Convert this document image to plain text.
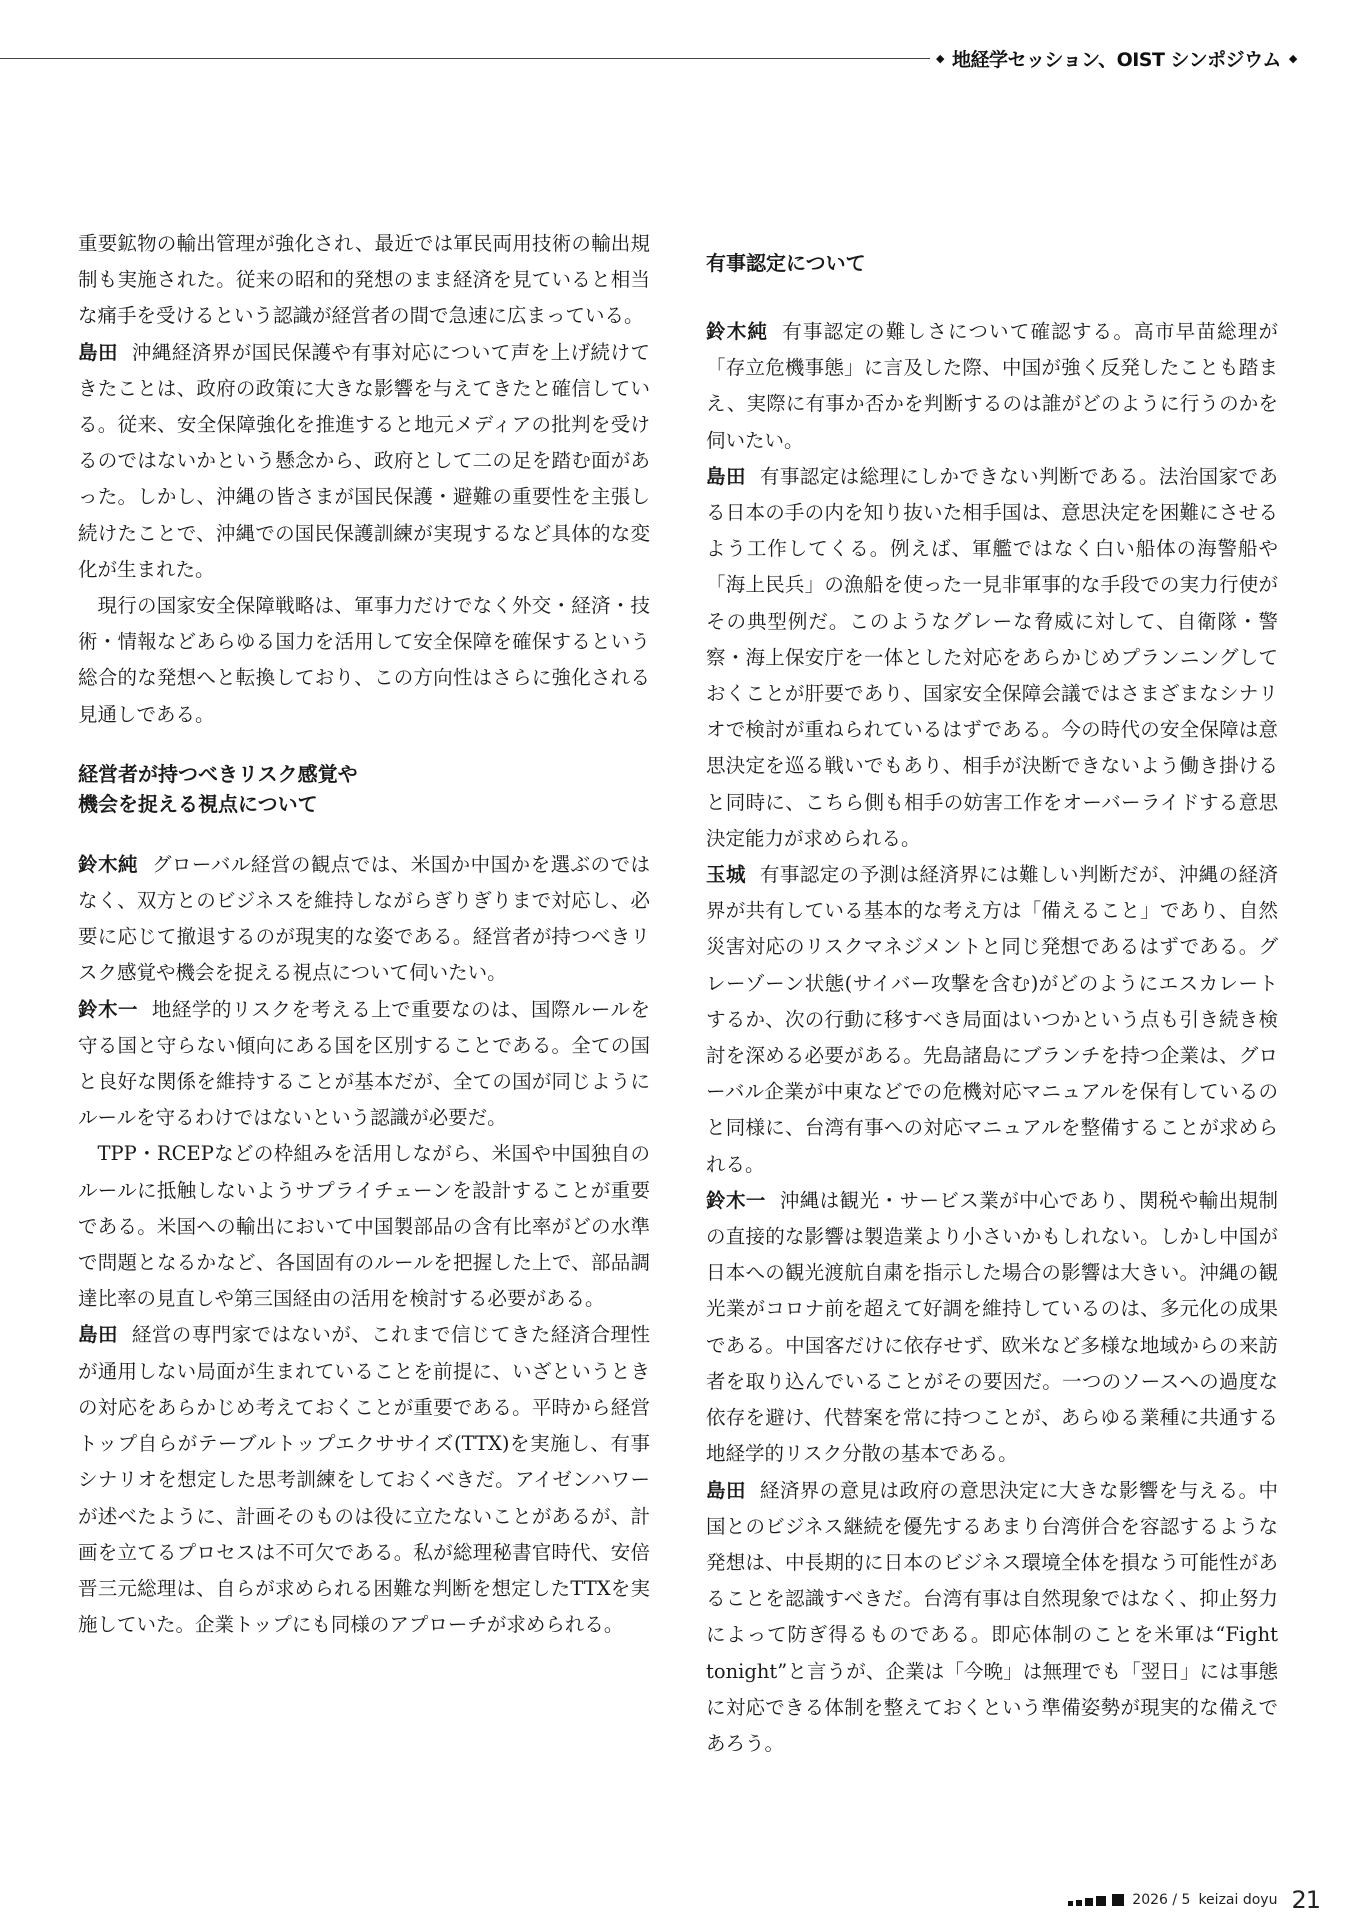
◆ 地経学セッション、OIST シンポジウム ◆

重要鉱物の輸出管理が強化され、最近では軍民両用技術の輸出規制も実施された。従来の昭和的発想のまま経済を見ていると相当な痛手を受けるという認識が経営者の間で急速に広まっている。

島田 沖縄経済界が国民保護や有事対応について声を上げ続けてきたことは、政府の政策に大きな影響を与えてきたと確信している。従来、安全保障強化を推進すると地元メディアの批判を受けるのではないかという懸念から、政府として二の足を踏む面があった。しかし、沖縄の皆さまが国民保護・避難の重要性を主張し続けたことで、沖縄での国民保護訓練が実現するなど具体的な変化が生まれた。

現行の国家安全保障戦略は、軍事力だけでなく外交・経済・技術・情報などあらゆる国力を活用して安全保障を確保するという総合的な発想へと転換しており、この方向性はさらに強化される見通しである。

経営者が持つべきリスク感覚や
機会を捉える視点について

鈴木純 グローバル経営の観点では、米国か中国かを選ぶのではなく、双方とのビジネスを維持しながらぎりぎりまで対応し、必要に応じて撤退するのが現実的な姿である。経営者が持つべきリスク感覚や機会を捉える視点について伺いたい。

鈴木一 地経学的リスクを考える上で重要なのは、国際ルールを守る国と守らない傾向にある国を区別することである。全ての国と良好な関係を維持することが基本だが、全ての国が同じようにルールを守るわけではないという認識が必要だ。

TPP・RCEPなどの枠組みを活用しながら、米国や中国独自のルールに抵触しないようサプライチェーンを設計することが重要である。米国への輸出において中国製部品の含有比率がどの水準で問題となるかなど、各国固有のルールを把握した上で、部品調達比率の見直しや第三国経由の活用を検討する必要がある。

島田 経営の専門家ではないが、これまで信じてきた経済合理性が通用しない局面が生まれていることを前提に、いざというときの対応をあらかじめ考えておくことが重要である。平時から経営トップ自らがテーブルトップエクササイズ(TTX)を実施し、有事シナリオを想定した思考訓練をしておくべきだ。アイゼンハワーが述べたように、計画そのものは役に立たないことがあるが、計画を立てるプロセスは不可欠である。私が総理秘書官時代、安倍晋三元総理は、自らが求められる困難な判断を想定したTTXを実施していた。企業トップにも同様のアプローチが求められる。

有事認定について

鈴木純 有事認定の難しさについて確認する。高市早苗総理が「存立危機事態」に言及した際、中国が強く反発したことも踏まえ、実際に有事か否かを判断するのは誰がどのように行うのかを伺いたい。

島田 有事認定は総理にしかできない判断である。法治国家である日本の手の内を知り抜いた相手国は、意思決定を困難にさせるよう工作してくる。例えば、軍艦ではなく白い船体の海警船や「海上民兵」の漁船を使った一見非軍事的な手段での実力行使がその典型例だ。このようなグレーな脅威に対して、自衛隊・警察・海上保安庁を一体とした対応をあらかじめプランニングしておくことが肝要であり、国家安全保障会議ではさまざまなシナリオで検討が重ねられているはずである。今の時代の安全保障は意思決定を巡る戦いでもあり、相手が決断できないよう働き掛けると同時に、こちら側も相手の妨害工作をオーバーライドする意思決定能力が求められる。

玉城 有事認定の予測は経済界には難しい判断だが、沖縄の経済界が共有している基本的な考え方は「備えること」であり、自然災害対応のリスクマネジメントと同じ発想であるはずである。グレーゾーン状態(サイバー攻撃を含む)がどのようにエスカレートするか、次の行動に移すべき局面はいつかという点も引き続き検討を深める必要がある。先島諸島にブランチを持つ企業は、グローバル企業が中東などでの危機対応マニュアルを保有しているのと同様に、台湾有事への対応マニュアルを整備することが求められる。

鈴木一 沖縄は観光・サービス業が中心であり、関税や輸出規制の直接的な影響は製造業より小さいかもしれない。しかし中国が日本への観光渡航自粛を指示した場合の影響は大きい。沖縄の観光業がコロナ前を超えて好調を維持しているのは、多元化の成果である。中国客だけに依存せず、欧米など多様な地域からの来訪者を取り込んでいることがその要因だ。一つのソースへの過度な依存を避け、代替案を常に持つことが、あらゆる業種に共通する地経学的リスク分散の基本である。

島田 経済界の意見は政府の意思決定に大きな影響を与える。中国とのビジネス継続を優先するあまり台湾併合を容認するような発想は、中長期的に日本のビジネス環境全体を損なう可能性があることを認識すべきだ。台湾有事は自然現象ではなく、抑止努力によって防ぎ得るものである。即応体制のことを米軍は“Fight tonight”と言うが、企業は「今晩」は無理でも「翌日」には事態に対応できる体制を整えておくという準備姿勢が現実的な備えであろう。

2026 / 5 keizai doyu 21
